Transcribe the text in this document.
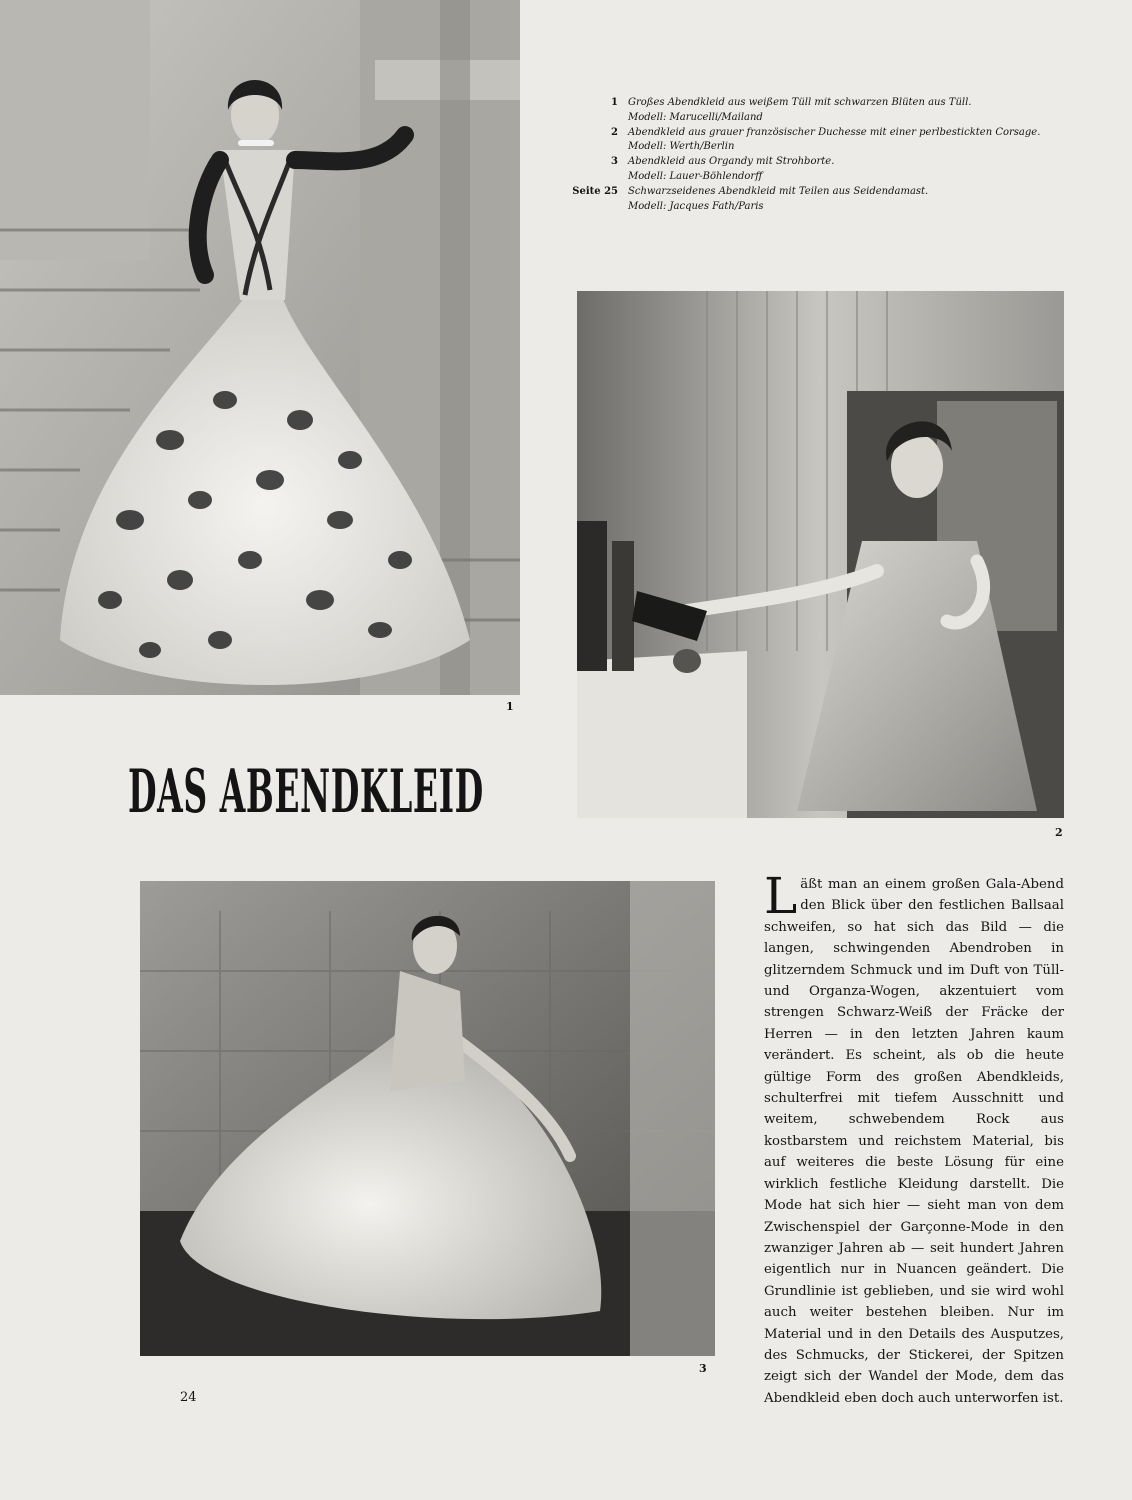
1
1	Großes Abendkleid aus weißem Tüll mit schwarzen Blüten aus Tüll.
Modell: Marucelli/Mailand
2	Abendkleid aus grauer französischer Duchesse mit einer perlbestickten Corsage.
Modell: Werth/Berlin
3	Abendkleid aus Organdy mit Strohborte.
Modell: Lauer-Böhlendorff
Seite 25	Schwarzseidenes Abendkleid mit Teilen aus Seidendamast.
Modell: Jacques Fath/Paris
2
DAS ABENDKLEID
3
Läßt man an einem großen Gala-Abend den Blick über den festlichen Ballsaal schweifen, so hat sich das Bild — die langen, schwingenden Abendroben in glitzerndem Schmuck und im Duft von Tüll- und Organza-Wogen, akzentuiert vom strengen Schwarz-Weiß der Fräcke der Herren — in den letzten Jahren kaum verändert. Es scheint, als ob die heute gültige Form des großen Abendkleids, schulterfrei mit tiefem Ausschnitt und weitem, schwebendem Rock aus kostbarstem und reichstem Material, bis auf weiteres die beste Lösung für eine wirklich festliche Kleidung darstellt. Die Mode hat sich hier — sieht man von dem Zwischenspiel der Garçonne-Mode in den zwanziger Jahren ab — seit hundert Jahren eigentlich nur in Nuancen geändert. Die Grundlinie ist geblieben, und sie wird wohl auch weiter bestehen bleiben. Nur im Material und in den Details des Ausputzes, des Schmucks, der Stickerei, der Spitzen zeigt sich der Wandel der Mode, dem das Abendkleid eben doch auch unterworfen ist.
24
